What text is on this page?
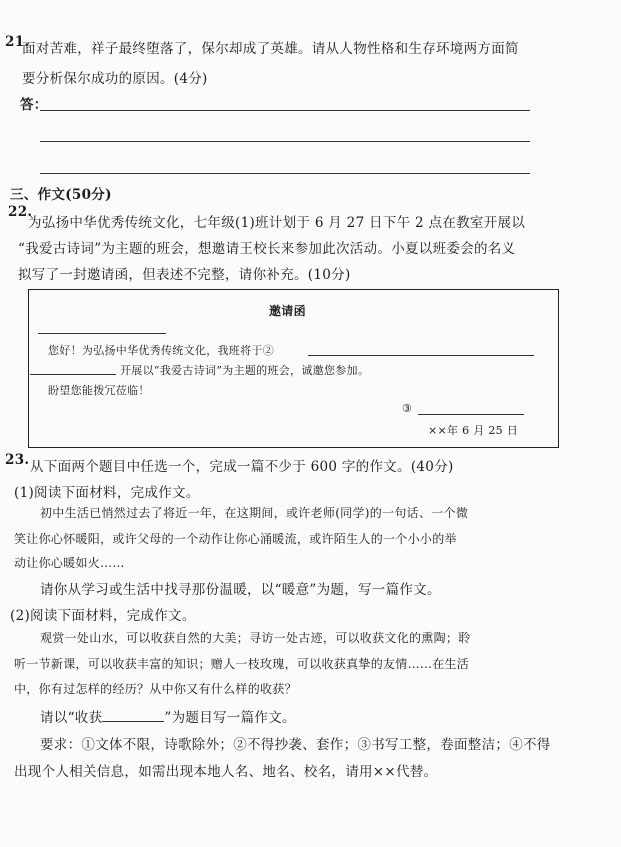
21.
面对苦难，祥子最终堕落了，保尔却成了英雄。请从人物性格和生存环境两方面简
要分析保尔成功的原因。(4分)
答：
三、作文(50分)
22.
为弘扬中华优秀传统文化，七年级(1)班计划于 6 月 27 日下午 2 点在教室开展以
“我爱古诗词”为主题的班会，想邀请王校长来参加此次活动。小夏以班委会的名义
拟写了一封邀请函，但表述不完整，请你补充。(10分)
邀请函
您好！为弘扬中华优秀传统文化，我班将于②
开展以“我爱古诗词”为主题的班会，诚邀您参加。
盼望您能拨冗莅临！
③
××年 6 月 25 日
23. 从下面两个题目中任选一个，完成一篇不少于 600 字的作文。(40分)
(1)阅读下面材料，完成作文。
初中生活已悄然过去了将近一年，在这期间，或许老师(同学)的一句话、一个微
笑让你心怀暖阳，或许父母的一个动作让你心涌暖流，或许陌生人的一个小小的举
动让你心暖如火……
请你从学习或生活中找寻那份温暖，以“暖意”为题，写一篇作文。
(2)阅读下面材料，完成作文。
观赏一处山水，可以收获自然的大美；寻访一处古迹，可以收获文化的熏陶；聆
听一节新课，可以收获丰富的知识；赠人一枝玫瑰，可以收获真挚的友情……在生活
中，你有过怎样的经历？从中你又有什么样的收获？
请以“收获	”为题目写一篇作文。
要求：①文体不限，诗歌除外；②不得抄袭、套作；③书写工整，卷面整洁；④不得
出现个人相关信息，如需出现本地人名、地名、校名，请用××代替。
